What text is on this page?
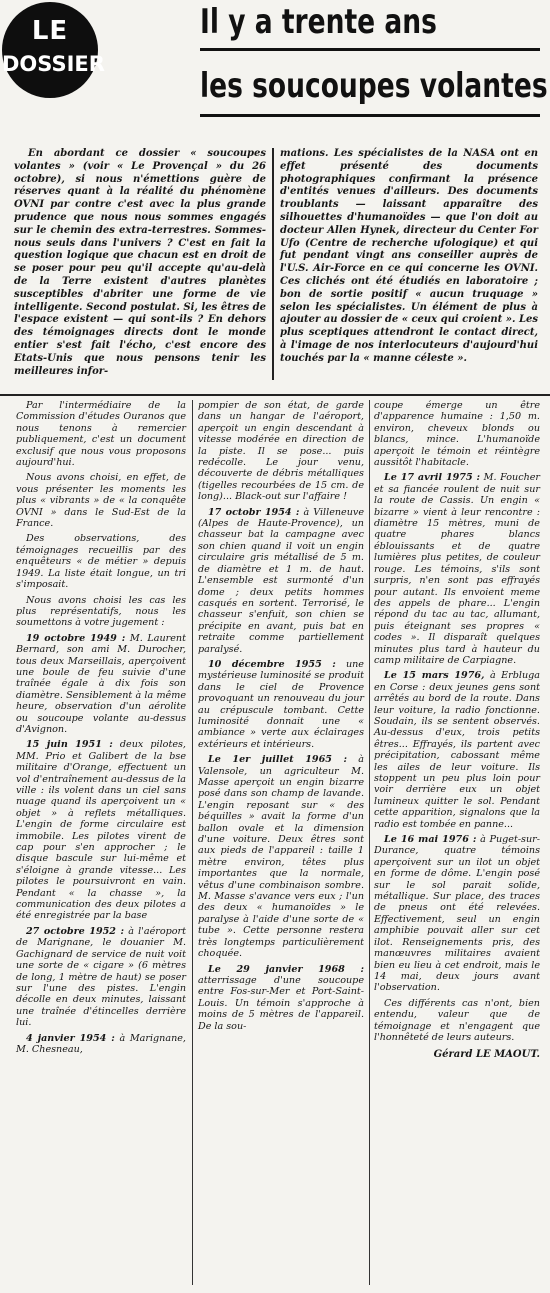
LE
DOSSIER
Il y a trente ans
les soucoupes volantes

En abordant ce dossier « soucoupes volantes » (voir « Le Provençal » du 26 octobre), si nous n'émettions guère de réserves quant à la réalité du phénomène OVNI par contre c'est avec la plus grande prudence que nous nous sommes engagés sur le chemin des extra-terrestres. Sommes-nous seuls dans l'univers ? C'est en fait la question logique que chacun est en droit de se poser pour peu qu'il accepte qu'au-delà de la Terre existent d'autres planètes susceptibles d'abriter une forme de vie intelligente. Second postulat. Si, les êtres de l'espace existent — qui sont-ils ? En dehors des témoignages directs dont le monde entier s'est fait l'écho, c'est encore des Etats-Unis que nous pensons tenir les meilleures infor-

mations. Les spécialistes de la NASA ont en effet présenté des documents photographiques confirmant la présence d'entités venues d'ailleurs. Des documents troublants — laissant apparaître des silhouettes d'humanoïdes — que l'on doit au docteur Allen Hynek, directeur du Center For Ufo (Centre de recherche ufologique) et qui fut pendant vingt ans conseiller auprès de l'U.S. Air-Force en ce qui concerne les OVNI. Ces clichés ont été étudiés en laboratoire ; bon de sortie positif « aucun truquage » selon les spécialistes. Un élément de plus à ajouter au dossier de « ceux qui croient ». Les plus sceptiques attendront le contact direct, à l'image de nos interlocuteurs d'aujourd'hui touchés par la « manne céleste ».

Par l'intermédiaire de la Commission d'études Ouranos que nous tenons à remercier publiquement, c'est un document exclusif que nous vous proposons aujourd'hui.

Nous avons choisi, en effet, de vous présenter les moments les plus « vibrants » de « la conquête OVNI » dans le Sud-Est de la France.

Des observations, des témoignages recueillis par des enquêteurs « de métier » depuis 1949. La liste était longue, un tri s'imposait.

Nous avons choisi les cas les plus représentatifs, nous les soumettons à votre jugement :

19 octobre 1949 : M. Laurent Bernard, son ami M. Durocher, tous deux Marseillais, aperçoivent une boule de feu suivie d'une traînée égale à dix fois son diamètre. Sensiblement à la même heure, observation d'un aérolite ou soucoupe volante au-dessus d'Avignon.

15 juin 1951 : deux pilotes, MM. Prio et Galibert de la bse militaire d'Orange, effectuent un vol d'entraînement au-dessus de la ville : ils volent dans un ciel sans nuage quand ils aperçoivent un « objet » à reflets métalliques. L'engin de forme circulaire est immobile. Les pilotes virent de cap pour s'en approcher ; le disque bascule sur lui-même et s'éloigne à grande vitesse... Les pilotes le poursuivront en vain. Pendant « la chasse », la communication des deux pilotes a été enregistrée par la base

27 octobre 1952 : à l'aéroport de Marignane, le douanier M. Gachignard de service de nuit voit une sorte de « cigare » (6 mètres de long, 1 mètre de haut) se poser sur l'une des pistes. L'engin décolle en deux minutes, laissant une traînée d'étincelles derrière lui.

4 janvier 1954 : à Marignane, M. Chesneau,

pompier de son état, de garde dans un hangar de l'aéroport, aperçoit un engin descendant à vitesse modérée en direction de la piste. Il se pose... puis redécolle. Le jour venu, découverte de débris métalliques (tigelles recourbées de 15 cm. de long)... Black-out sur l'affaire !

17 octobr 1954 : à Villeneuve (Alpes de Haute-Provence), un chasseur bat la campagne avec son chien quand il voit un engin circulaire gris métallisé de 5 m. de diamètre et 1 m. de haut. L'ensemble est surmonté d'un dome ; deux petits hommes casqués en sortent. Terrorisé, le chasseur s'enfuit, son chien se précipite en avant, puis bat en retraite comme partiellement paralysé.

10 décembre 1955 : une mystérieuse luminosité se produit dans le ciel de Provence provoquant un renouveau du jour au crépuscule tombant. Cette luminosité donnait une « ambiance » verte aux éclairages extérieurs et intérieurs.

Le 1er juillet 1965 : à Valensole, un agriculteur M. Masse aperçoit un engin bizarre posé dans son champ de lavande. L'engin reposant sur « des béquilles » avait la forme d'un ballon ovale et la dimension d'une voiture. Deux êtres sont aux pieds de l'appareil : taille 1 mètre environ, têtes plus importantes que la normale, vêtus d'une combinaison sombre. M. Masse s'avance vers eux ; l'un des deux « humanoïdes » le paralyse à l'aide d'une sorte de « tube ». Cette personne restera très longtemps particulièrement choquée.

Le 29 janvier 1968 : atterrissage d'une soucoupe entre Fos-sur-Mer et Port-Saint-Louis. Un témoin s'approche à moins de 5 mètres de l'appareil. De la sou-

coupe émerge un être d'apparence humaine : 1,50 m. environ, cheveux blonds ou blancs, mince. L'humanoïde aperçoit le témoin et réintègre aussitôt l'habitacle.

Le 17 avril 1975 : M. Foucher et sa fiancée roulent de nuit sur la route de Cassis. Un engin « bizarre » vient à leur rencontre : diamètre 15 mètres, muni de quatre phares blancs éblouissants et de quatre lumières plus petites, de couleur rouge. Les témoins, s'ils sont surpris, n'en sont pas effrayés pour autant. Ils envoient meme des appels de phare... L'engin répond du tac au tac, allumant, puis éteignant ses propres « codes ». Il disparaît quelques minutes plus tard à hauteur du camp militaire de Carpiagne.

Le 15 mars 1976, à Erbluga en Corse : deux jeunes gens sont arrêtés au bord de la route. Dans leur voiture, la radio fonctionne. Soudain, ils se sentent observés. Au-dessus d'eux, trois petits êtres... Effrayés, ils partent avec précipitation, cabossant même les ailes de leur voiture. Ils stoppent un peu plus loin pour voir derrière eux un objet lumineux quitter le sol. Pendant cette apparition, signalons que la radio est tombée en panne...

Le 16 mai 1976 : à Puget-sur-Durance, quatre témoins aperçoivent sur un ilot un objet en forme de dôme. L'engin posé sur le sol parait solide, métallique. Sur place, des traces de pneus ont été relevées. Effectivement, seul un engin amphibie pouvait aller sur cet ilot. Renseignements pris, des manœuvres militaires avaient bien eu lieu à cet endroit, mais le 14 mai, deux jours avant l'observation.

Ces différents cas n'ont, bien entendu, valeur que de témoignage et n'engagent que l'honnêteté de leurs auteurs.

Gérard LE MAOUT.
